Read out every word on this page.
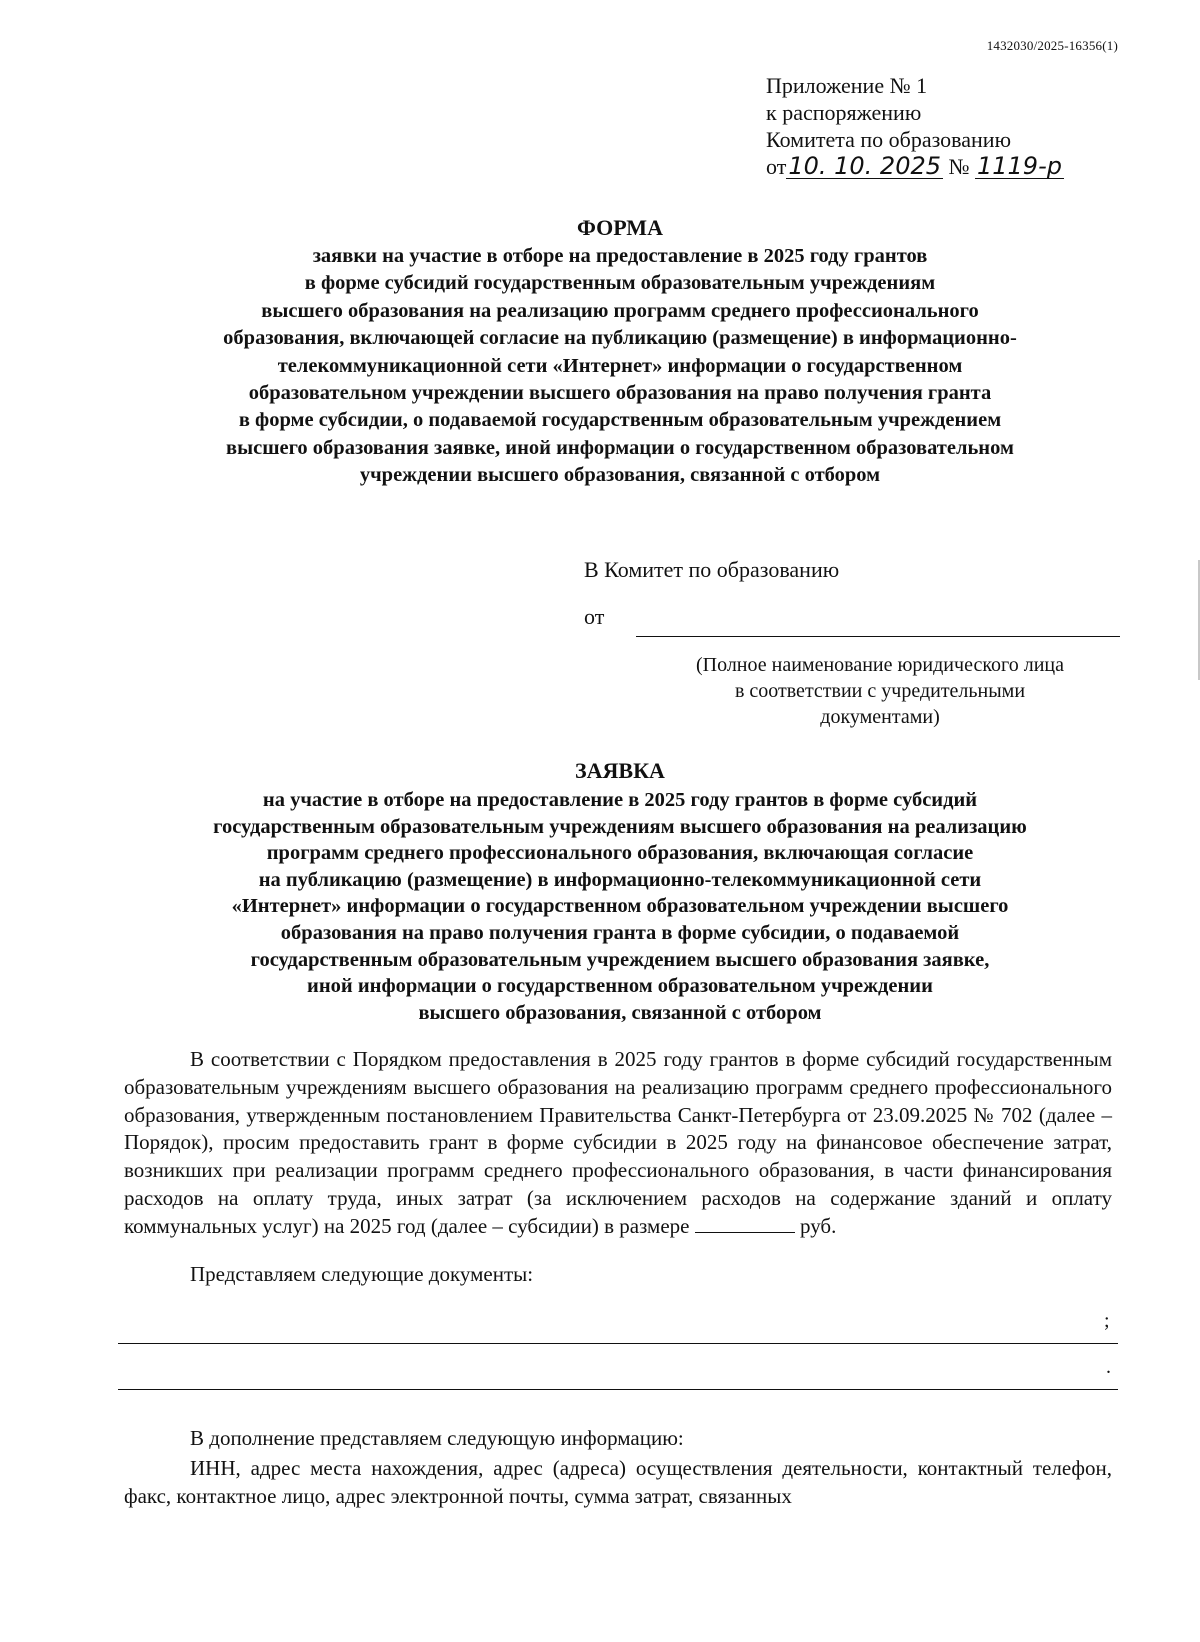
1432030/2025-16356(1)
Приложение № 1
к распоряжению
Комитета по образованию
от10. 10. 2025 № 1119-р
ФОРМА
заявки на участие в отборе на предоставление в 2025 году грантов
в форме субсидий государственным образовательным учреждениям
высшего образования на реализацию программ среднего профессионального
образования, включающей согласие на публикацию (размещение) в информационно-
телекоммуникационной сети «Интернет» информации о государственном
образовательном учреждении высшего образования на право получения гранта
в форме субсидии, о подаваемой государственным образовательным учреждением
высшего образования заявке, иной информации о государственном образовательном
учреждении высшего образования, связанной с отбором
В Комитет по образованию
от
(Полное наименование юридического лица
в соответствии с учредительными
документами)
ЗАЯВКА
на участие в отборе на предоставление в 2025 году грантов в форме субсидий
государственным образовательным учреждениям высшего образования на реализацию
программ среднего профессионального образования, включающая согласие
на публикацию (размещение) в информационно-телекоммуникационной сети
«Интернет» информации о государственном образовательном учреждении высшего
образования на право получения гранта в форме субсидии, о подаваемой
государственным образовательным учреждением высшего образования заявке,
иной информации о государственном образовательном учреждении
высшего образования, связанной с отбором
В соответствии с Порядком предоставления в 2025 году грантов в форме субсидий государственным образовательным учреждениям высшего образования на реализацию программ среднего профессионального образования, утвержденным постановлением Правительства Санкт-Петербурга от 23.09.2025 № 702 (далее – Порядок), просим предоставить грант в форме субсидии в 2025 году на финансовое обеспечение затрат, возникших при реализации программ среднего профессионального образования, в части финансирования расходов на оплату труда, иных затрат (за исключением расходов на содержание зданий и оплату коммунальных услуг) на 2025 год (далее – субсидии) в размере	руб.
Представляем следующие документы:
;
.
В дополнение представляем следующую информацию:
ИНН, адрес места нахождения, адрес (адреса) осуществления деятельности, контактный телефон, факс, контактное лицо, адрес электронной почты, сумма затрат, связанных
